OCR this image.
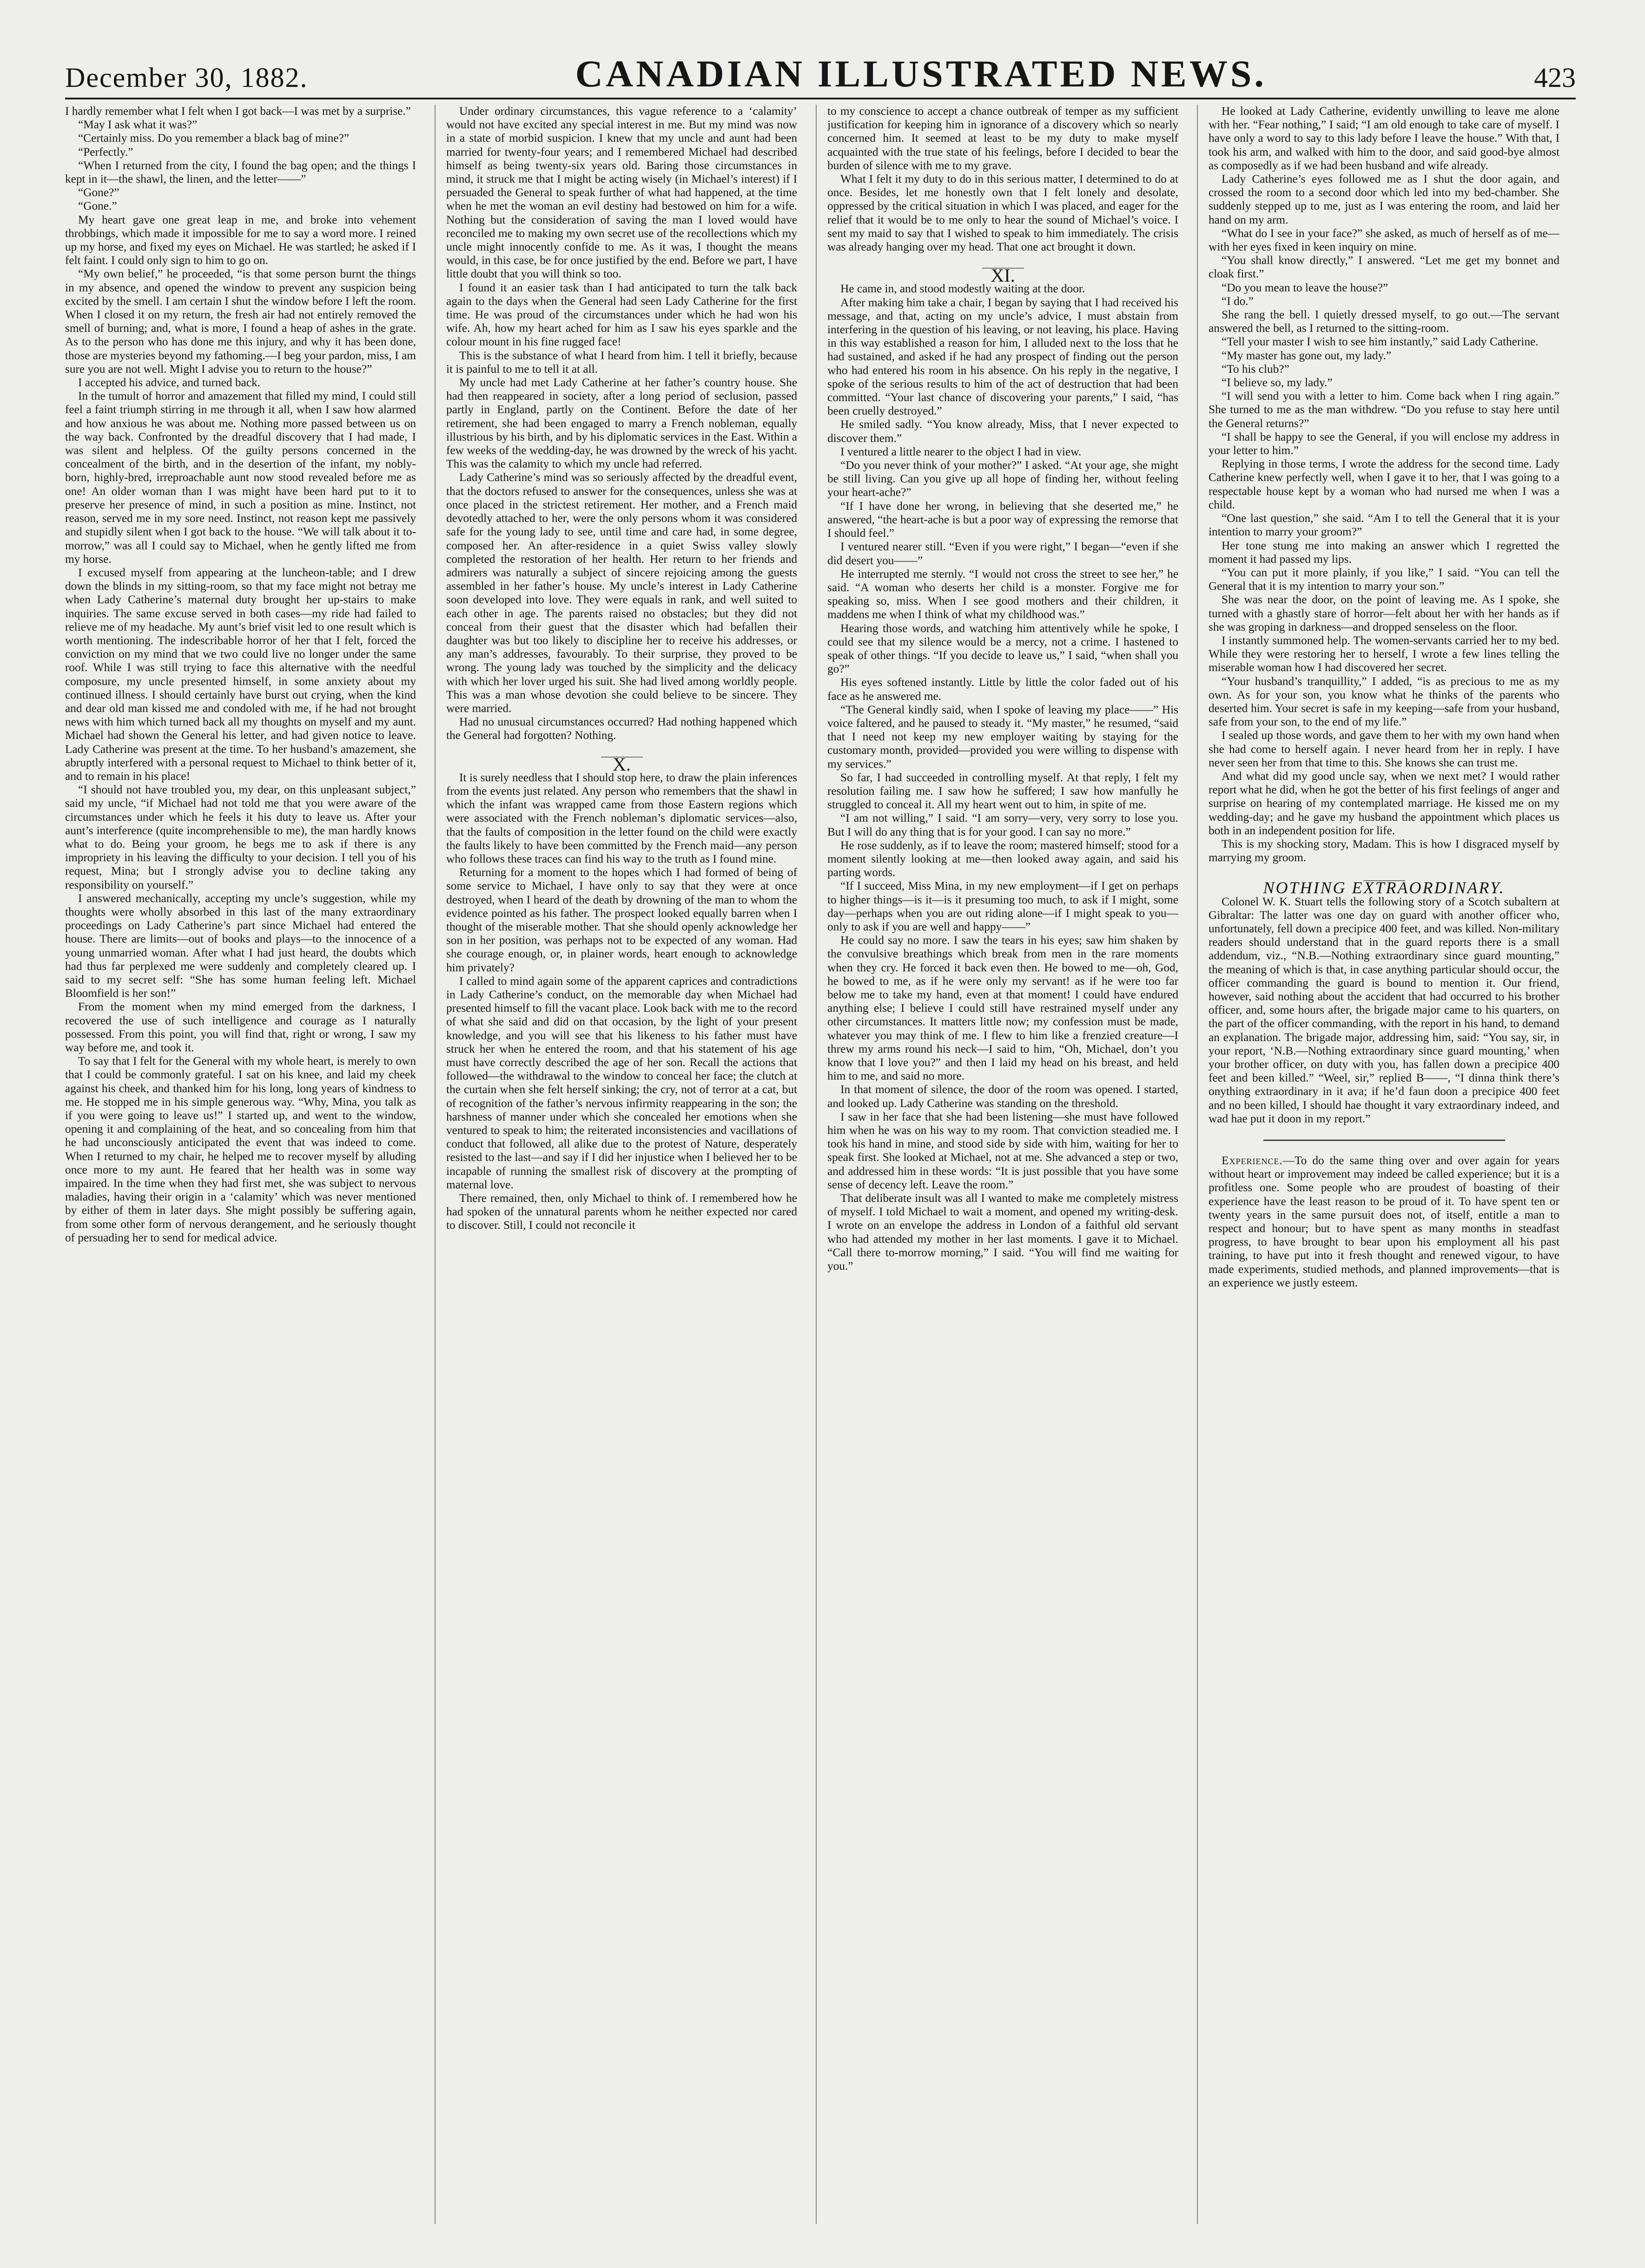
December 30, 1882.	CANADIAN ILLUSTRATED NEWS.	423

I hardly remember what I felt when I got back—I was met by a surprise.”

“May I ask what it was?”

“Certainly miss. Do you remember a black bag of mine?”

“Perfectly.”

“When I returned from the city, I found the bag open; and the things I kept in it—the shawl, the linen, and the letter——”

“Gone?”

“Gone.”

My heart gave one great leap in me, and broke into vehement throbbings, which made it impossible for me to say a word more. I reined up my horse, and fixed my eyes on Michael. He was startled; he asked if I felt faint. I could only sign to him to go on.

“My own belief,” he proceeded, “is that some person burnt the things in my absence, and opened the window to prevent any suspicion being excited by the smell. I am certain I shut the window before I left the room. When I closed it on my return, the fresh air had not entirely removed the smell of burning; and, what is more, I found a heap of ashes in the grate. As to the person who has done me this injury, and why it has been done, those are mysteries beyond my fathoming.—I beg your pardon, miss, I am sure you are not well. Might I advise you to return to the house?”

I accepted his advice, and turned back.

In the tumult of horror and amazement that filled my mind, I could still feel a faint triumph stirring in me through it all, when I saw how alarmed and how anxious he was about me. Nothing more passed between us on the way back. Confronted by the dreadful discovery that I had made, I was silent and helpless. Of the guilty persons concerned in the concealment of the birth, and in the desertion of the infant, my nobly-born, highly-bred, irreproachable aunt now stood revealed before me as one! An older woman than I was might have been hard put to it to preserve her presence of mind, in such a position as mine. Instinct, not reason, served me in my sore need. Instinct, not reason kept me passively and stupidly silent when I got back to the house. “We will talk about it to-morrow,” was all I could say to Michael, when he gently lifted me from my horse.

I excused myself from appearing at the luncheon-table; and I drew down the blinds in my sitting-room, so that my face might not betray me when Lady Catherine’s maternal duty brought her up-stairs to make inquiries. The same excuse served in both cases—my ride had failed to relieve me of my headache. My aunt’s brief visit led to one result which is worth mentioning. The indescribable horror of her that I felt, forced the conviction on my mind that we two could live no longer under the same roof. While I was still trying to face this alternative with the needful composure, my uncle presented himself, in some anxiety about my continued illness. I should certainly have burst out crying, when the kind and dear old man kissed me and condoled with me, if he had not brought news with him which turned back all my thoughts on myself and my aunt. Michael had shown the General his letter, and had given notice to leave. Lady Catherine was present at the time. To her husband’s amazement, she abruptly interfered with a personal request to Michael to think better of it, and to remain in his place!

“I should not have troubled you, my dear, on this unpleasant subject,” said my uncle, “if Michael had not told me that you were aware of the circumstances under which he feels it his duty to leave us. After your aunt’s interference (quite incomprehensible to me), the man hardly knows what to do. Being your groom, he begs me to ask if there is any impropriety in his leaving the difficulty to your decision. I tell you of his request, Mina; but I strongly advise you to decline taking any responsibility on yourself.”

I answered mechanically, accepting my uncle’s suggestion, while my thoughts were wholly absorbed in this last of the many extraordinary proceedings on Lady Catherine’s part since Michael had entered the house. There are limits—out of books and plays—to the innocence of a young unmarried woman. After what I had just heard, the doubts which had thus far perplexed me were suddenly and completely cleared up. I said to my secret self: “She has some human feeling left. Michael Bloomfield is her son!”

From the moment when my mind emerged from the darkness, I recovered the use of such intelligence and courage as I naturally possessed. From this point, you will find that, right or wrong, I saw my way before me, and took it.

To say that I felt for the General with my whole heart, is merely to own that I could be commonly grateful. I sat on his knee, and laid my cheek against his cheek, and thanked him for his long, long years of kindness to me. He stopped me in his simple generous way. “Why, Mina, you talk as if you were going to leave us!” I started up, and went to the window, opening it and complaining of the heat, and so concealing from him that he had unconsciously anticipated the event that was indeed to come. When I returned to my chair, he helped me to recover myself by alluding once more to my aunt. He feared that her health was in some way impaired. In the time when they had first met, she was subject to nervous maladies, having their origin in a ‘calamity’ which was never mentioned by either of them in later days. She might possibly be suffering again, from some other form of nervous derangement, and he seriously thought of persuading her to send for medical advice.

Under ordinary circumstances, this vague reference to a ‘calamity’ would not have excited any special interest in me. But my mind was now in a state of morbid suspicion. I knew that my uncle and aunt had been married for twenty-four years; and I remembered Michael had described himself as being twenty-six years old. Baring those circumstances in mind, it struck me that I might be acting wisely (in Michael’s interest) if I persuaded the General to speak further of what had happened, at the time when he met the woman an evil destiny had bestowed on him for a wife. Nothing but the consideration of saving the man I loved would have reconciled me to making my own secret use of the recollections which my uncle might innocently confide to me. As it was, I thought the means would, in this case, be for once justified by the end. Before we part, I have little doubt that you will think so too.

I found it an easier task than I had anticipated to turn the talk back again to the days when the General had seen Lady Catherine for the first time. He was proud of the circumstances under which he had won his wife. Ah, how my heart ached for him as I saw his eyes sparkle and the colour mount in his fine rugged face!

This is the substance of what I heard from him. I tell it briefly, because it is painful to me to tell it at all.

My uncle had met Lady Catherine at her father’s country house. She had then reappeared in society, after a long period of seclusion, passed partly in England, partly on the Continent. Before the date of her retirement, she had been engaged to marry a French nobleman, equally illustrious by his birth, and by his diplomatic services in the East. Within a few weeks of the wedding-day, he was drowned by the wreck of his yacht. This was the calamity to which my uncle had referred.

Lady Catherine’s mind was so seriously affected by the dreadful event, that the doctors refused to answer for the consequences, unless she was at once placed in the strictest retirement. Her mother, and a French maid devotedly attached to her, were the only persons whom it was considered safe for the young lady to see, until time and care had, in some degree, composed her. An after-residence in a quiet Swiss valley slowly completed the restoration of her health. Her return to her friends and admirers was naturally a subject of sincere rejoicing among the guests assembled in her father’s house. My uncle’s interest in Lady Catherine soon developed into love. They were equals in rank, and well suited to each other in age. The parents raised no obstacles; but they did not conceal from their guest that the disaster which had befallen their daughter was but too likely to discipline her to receive his addresses, or any man’s addresses, favourably. To their surprise, they proved to be wrong. The young lady was touched by the simplicity and the delicacy with which her lover urged his suit. She had lived among worldly people. This was a man whose devotion she could believe to be sincere. They were married.

Had no unusual circumstances occurred? Had nothing happened which the General had forgotten? Nothing.

X.

It is surely needless that I should stop here, to draw the plain inferences from the events just related. Any person who remembers that the shawl in which the infant was wrapped came from those Eastern regions which were associated with the French nobleman’s diplomatic services—also, that the faults of composition in the letter found on the child were exactly the faults likely to have been committed by the French maid—any person who follows these traces can find his way to the truth as I found mine.

Returning for a moment to the hopes which I had formed of being of some service to Michael, I have only to say that they were at once destroyed, when I heard of the death by drowning of the man to whom the evidence pointed as his father. The prospect looked equally barren when I thought of the miserable mother. That she should openly acknowledge her son in her position, was perhaps not to be expected of any woman. Had she courage enough, or, in plainer words, heart enough to acknowledge him privately?

I called to mind again some of the apparent caprices and contradictions in Lady Catherine’s conduct, on the memorable day when Michael had presented himself to fill the vacant place. Look back with me to the record of what she said and did on that occasion, by the light of your present knowledge, and you will see that his likeness to his father must have struck her when he entered the room, and that his statement of his age must have correctly described the age of her son. Recall the actions that followed—the withdrawal to the window to conceal her face; the clutch at the curtain when she felt herself sinking; the cry, not of terror at a cat, but of recognition of the father’s nervous infirmity reappearing in the son; the harshness of manner under which she concealed her emotions when she ventured to speak to him; the reiterated inconsistencies and vacillations of conduct that followed, all alike due to the protest of Nature, desperately resisted to the last—and say if I did her injustice when I believed her to be incapable of running the smallest risk of discovery at the prompting of maternal love.

There remained, then, only Michael to think of. I remembered how he had spoken of the unnatural parents whom he neither expected nor cared to discover. Still, I could not reconcile it

to my conscience to accept a chance outbreak of temper as my sufficient justification for keeping him in ignorance of a discovery which so nearly concerned him. It seemed at least to be my duty to make myself acquainted with the true state of his feelings, before I decided to bear the burden of silence with me to my grave.

What I felt it my duty to do in this serious matter, I determined to do at once. Besides, let me honestly own that I felt lonely and desolate, oppressed by the critical situation in which I was placed, and eager for the relief that it would be to me only to hear the sound of Michael’s voice. I sent my maid to say that I wished to speak to him immediately. The crisis was already hanging over my head. That one act brought it down.

XI.

He came in, and stood modestly waiting at the door.

After making him take a chair, I began by saying that I had received his message, and that, acting on my uncle’s advice, I must abstain from interfering in the question of his leaving, or not leaving, his place. Having in this way established a reason for him, I alluded next to the loss that he had sustained, and asked if he had any prospect of finding out the person who had entered his room in his absence. On his reply in the negative, I spoke of the serious results to him of the act of destruction that had been committed. “Your last chance of discovering your parents,” I said, “has been cruelly destroyed.”

He smiled sadly. “You know already, Miss, that I never expected to discover them.”

I ventured a little nearer to the object I had in view.

“Do you never think of your mother?” I asked. “At your age, she might be still living. Can you give up all hope of finding her, without feeling your heart-ache?”

“If I have done her wrong, in believing that she deserted me,” he answered, “the heart-ache is but a poor way of expressing the remorse that I should feel.”

I ventured nearer still. “Even if you were right,” I began—“even if she did desert you——”

He interrupted me sternly. “I would not cross the street to see her,” he said. “A woman who deserts her child is a monster. Forgive me for speaking so, miss. When I see good mothers and their children, it maddens me when I think of what my childhood was.”

Hearing those words, and watching him attentively while he spoke, I could see that my silence would be a mercy, not a crime. I hastened to speak of other things. “If you decide to leave us,” I said, “when shall you go?”

His eyes softened instantly. Little by little the color faded out of his face as he answered me.

“The General kindly said, when I spoke of leaving my place——” His voice faltered, and he paused to steady it. “My master,” he resumed, “said that I need not keep my new employer waiting by staying for the customary month, provided—provided you were willing to dispense with my services.”

So far, I had succeeded in controlling myself. At that reply, I felt my resolution failing me. I saw how he suffered; I saw how manfully he struggled to conceal it. All my heart went out to him, in spite of me.

“I am not willing,” I said. “I am sorry—very, very sorry to lose you. But I will do any thing that is for your good. I can say no more.”

He rose suddenly, as if to leave the room; mastered himself; stood for a moment silently looking at me—then looked away again, and said his parting words.

“If I succeed, Miss Mina, in my new employment—if I get on perhaps to higher things—is it—is it presuming too much, to ask if I might, some day—perhaps when you are out riding alone—if I might speak to you—only to ask if you are well and happy——”

He could say no more. I saw the tears in his eyes; saw him shaken by the convulsive breathings which break from men in the rare moments when they cry. He forced it back even then. He bowed to me—oh, God, he bowed to me, as if he were only my servant! as if he were too far below me to take my hand, even at that moment! I could have endured anything else; I believe I could still have restrained myself under any other circumstances. It matters little now; my confession must be made, whatever you may think of me. I flew to him like a frenzied creature—I threw my arms round his neck—I said to him, “Oh, Michael, don’t you know that I love you?” and then I laid my head on his breast, and held him to me, and said no more.

In that moment of silence, the door of the room was opened. I started, and looked up. Lady Catherine was standing on the threshold.

I saw in her face that she had been listening—she must have followed him when he was on his way to my room. That conviction steadied me. I took his hand in mine, and stood side by side with him, waiting for her to speak first. She looked at Michael, not at me. She advanced a step or two, and addressed him in these words: “It is just possible that you have some sense of decency left. Leave the room.”

That deliberate insult was all I wanted to make me completely mistress of myself. I told Michael to wait a moment, and opened my writing-desk. I wrote on an envelope the address in London of a faithful old servant who had attended my mother in her last moments. I gave it to Michael. “Call there to-morrow morning,” I said. “You will find me waiting for you.”

He looked at Lady Catherine, evidently unwilling to leave me alone with her. “Fear nothing,” I said; “I am old enough to take care of myself. I have only a word to say to this lady before I leave the house.” With that, I took his arm, and walked with him to the door, and said good-bye almost as composedly as if we had been husband and wife already.

Lady Catherine’s eyes followed me as I shut the door again, and crossed the room to a second door which led into my bed-chamber. She suddenly stepped up to me, just as I was entering the room, and laid her hand on my arm.

“What do I see in your face?” she asked, as much of herself as of me—with her eyes fixed in keen inquiry on mine.

“You shall know directly,” I answered. “Let me get my bonnet and cloak first.”

“Do you mean to leave the house?”

“I do.”

She rang the bell. I quietly dressed myself, to go out.—The servant answered the bell, as I returned to the sitting-room.

“Tell your master I wish to see him instantly,” said Lady Catherine.

“My master has gone out, my lady.”

“To his club?”

“I believe so, my lady.”

“I will send you with a letter to him. Come back when I ring again.” She turned to me as the man withdrew. “Do you refuse to stay here until the General returns?”

“I shall be happy to see the General, if you will enclose my address in your letter to him.”

Replying in those terms, I wrote the address for the second time. Lady Catherine knew perfectly well, when I gave it to her, that I was going to a respectable house kept by a woman who had nursed me when I was a child.

“One last question,” she said. “Am I to tell the General that it is your intention to marry your groom?”

Her tone stung me into making an answer which I regretted the moment it had passed my lips.

“You can put it more plainly, if you like,” I said. “You can tell the General that it is my intention to marry your son.”

She was near the door, on the point of leaving me. As I spoke, she turned with a ghastly stare of horror—felt about her with her hands as if she was groping in darkness—and dropped senseless on the floor.

I instantly summoned help. The women-servants carried her to my bed. While they were restoring her to herself, I wrote a few lines telling the miserable woman how I had discovered her secret.

“Your husband’s tranquillity,” I added, “is as precious to me as my own. As for your son, you know what he thinks of the parents who deserted him. Your secret is safe in my keeping—safe from your husband, safe from your son, to the end of my life.”

I sealed up those words, and gave them to her with my own hand when she had come to herself again. I never heard from her in reply. I have never seen her from that time to this. She knows she can trust me.

And what did my good uncle say, when we next met? I would rather report what he did, when he got the better of his first feelings of anger and surprise on hearing of my contemplated marriage. He kissed me on my wedding-day; and he gave my husband the appointment which places us both in an independent position for life.

This is my shocking story, Madam. This is how I disgraced myself by marrying my groom.

NOTHING EXTRAORDINARY.

Colonel W. K. Stuart tells the following story of a Scotch subaltern at Gibraltar: The latter was one day on guard with another officer who, unfortunately, fell down a precipice 400 feet, and was killed. Non-military readers should understand that in the guard reports there is a small addendum, viz., “N.B.—Nothing extraordinary since guard mounting,” the meaning of which is that, in case anything particular should occur, the officer commanding the guard is bound to mention it. Our friend, however, said nothing about the accident that had occurred to his brother officer, and, some hours after, the brigade major came to his quarters, on the part of the officer commanding, with the report in his hand, to demand an explanation. The brigade major, addressing him, said: “You say, sir, in your report, ‘N.B.—Nothing extraordinary since guard mounting,’ when your brother officer, on duty with you, has fallen down a precipice 400 feet and been killed.” “Weel, sir,” replied B——, “I dinna think there’s onything extraordinary in it ava; if he’d faun doon a precipice 400 feet and no been killed, I should hae thought it vary extraordinary indeed, and wad hae put it doon in my report.”

Experience.—To do the same thing over and over again for years without heart or improvement may indeed be called experience; but it is a profitless one. Some people who are proudest of boasting of their experience have the least reason to be proud of it. To have spent ten or twenty years in the same pursuit does not, of itself, entitle a man to respect and honour; but to have spent as many months in steadfast progress, to have brought to bear upon his employment all his past training, to have put into it fresh thought and renewed vigour, to have made experiments, studied methods, and planned improvements—that is an experience we justly esteem.
